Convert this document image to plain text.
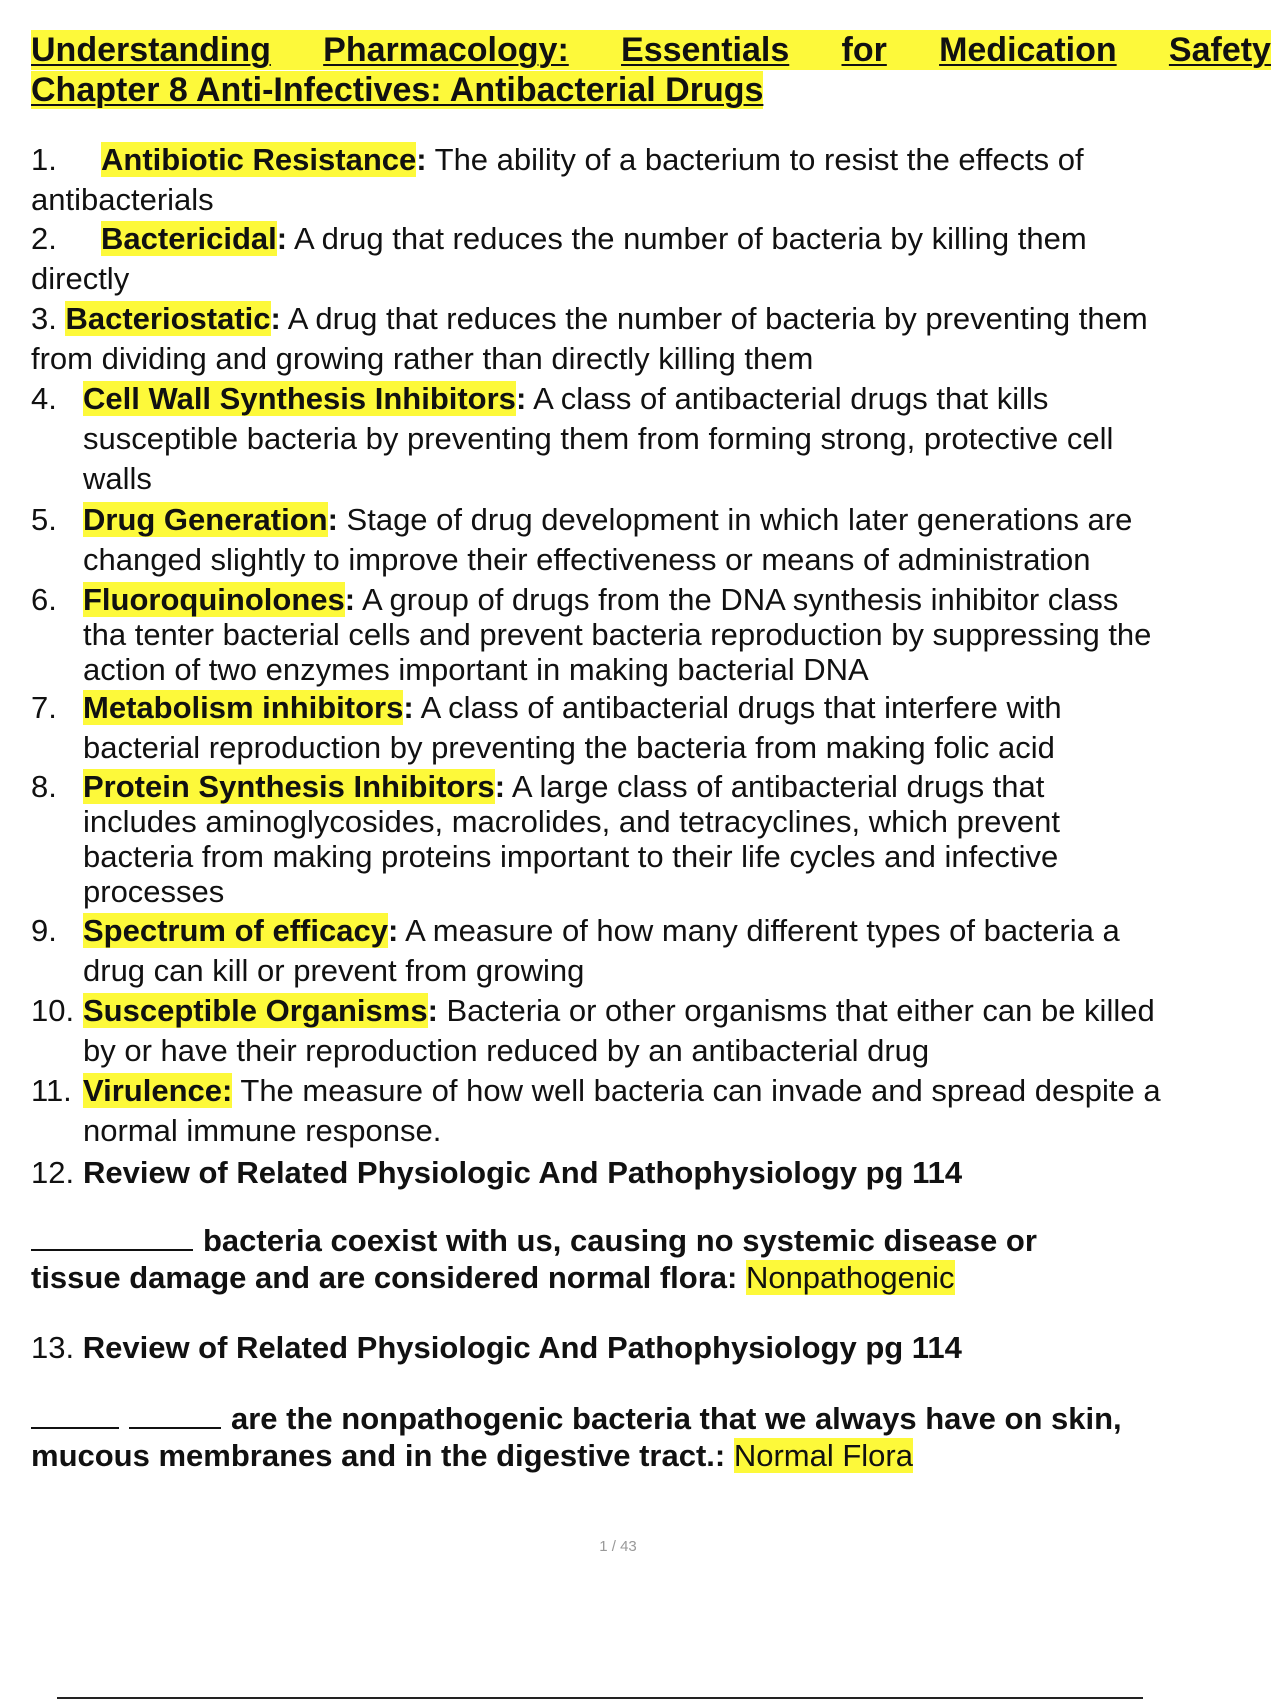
Understanding Pharmacology: Essentials for Medication Safety
Chapter 8 Anti-Infectives: Antibacterial Drugs
1. Antibiotic Resistance: The ability of a bacterium to resist the effects of
antibacterials
2. Bactericidal: A drug that reduces the number of bacteria by killing them
directly
3. Bacteriostatic: A drug that reduces the number of bacteria by preventing them
from dividing and growing rather than directly killing them
4. Cell Wall Synthesis Inhibitors: A class of antibacterial drugs that kills
susceptible bacteria by preventing them from forming strong, protective cell
walls
5. Drug Generation: Stage of drug development in which later generations are
changed slightly to improve their effectiveness or means of administration
6. Fluoroquinolones: A group of drugs from the DNA synthesis inhibitor class
tha tenter bacterial cells and prevent bacteria reproduction by suppressing the
action of two enzymes important in making bacterial DNA
7. Metabolism inhibitors: A class of antibacterial drugs that interfere with
bacterial reproduction by preventing the bacteria from making folic acid
8. Protein Synthesis Inhibitors: A large class of antibacterial drugs that
includes aminoglycosides, macrolides, and tetracyclines, which prevent
bacteria from making proteins important to their life cycles and infective
processes
9. Spectrum of efficacy: A measure of how many different types of bacteria a
drug can kill or prevent from growing
10. Susceptible Organisms: Bacteria or other organisms that either can be killed
by or have their reproduction reduced by an antibacterial drug
11. Virulence: The measure of how well bacteria can invade and spread despite a
normal immune response.
12. Review of Related Physiologic And Pathophysiology pg 114
bacteria coexist with us, causing no systemic disease or
tissue damage and are considered normal flora: Nonpathogenic
13. Review of Related Physiologic And Pathophysiology pg 114
are the nonpathogenic bacteria that we always have on skin,
mucous membranes and in the digestive tract.: Normal Flora
1 / 43
